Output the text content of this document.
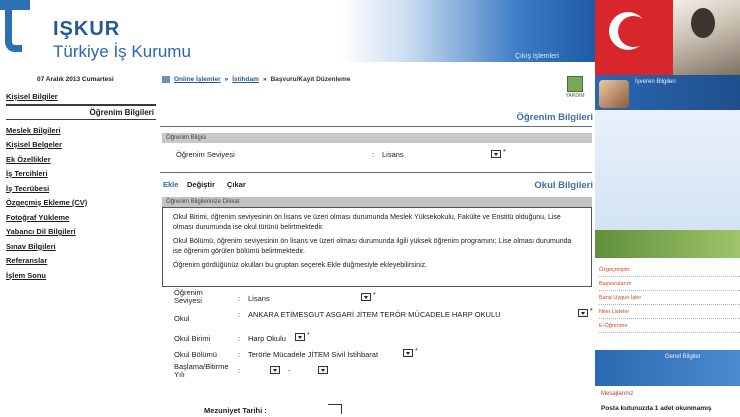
IŞKUR
Türkiye İş Kurumu	Çıkış Işlemleri
07 Aralık 2013 Cumartesi
Kişisel Bilgiler
Öğrenim Bilgileri
Meslek Bilgileri
Kişisel Belgeler
Ek Özellikler
İş Tercihleri
İş Tecrübesi
Özgeçmiş Ekleme (CV)
Fotoğraf Yükleme
Yabancı Dil Bilgileri
Sınav Bilgileri
Referanslar
İşlem Sonu
Online İşlemler » İstihdam » Başvuru/Kayıt Düzenleme
YARDIM
Öğrenim Bilgileri
Öğrenim Bilgisi
Öğrenim Seviyesi	: Lisans	*
Ekle Değiştir Çıkar	Okul Bilgileri
Öğrenim Bilgilerinize Dikkat

Okul Birimi, öğrenim seviyesinin ön lisans ve üzeri olması durumunda Meslek Yüksekokulu, Fakülte ve Enstitü olduğunu, Lise olması durumunda ise okul türünü belirtmektedir.

Okul Bölümü, öğrenim seviyesinin ön lisans ve üzeri olması durumunda ilgili yüksek öğrenim programını; Lise olması durumunda ise öğrenim görülen bölümü belirtmektedir.

Öğrenim gördüğünüz okulları bu gruptan seçerek Ekle düğmesiyle ekleyebilirsiniz.

Öğrenim
Seviyesi	: Lisans	*
Okul	: ANKARA ETİMESGUT ASGARİ JİTEM TERÖR MÜCADELE HARP OKULU	*
Okul Birimi	: Harp Okulu	*
Okul Bölümü	: Terörle Mücadele JİTEM Sivil İstihbarat	*
Başlama/Bitirme
Yılı	:	-
Mezuniyet Tarihi :
İşveren Bilgileri
Özgeçmişim
Başvurularım
Bana Uygun İşler
Nitel Listeler
E-Öğrenme
Genel Bilgiler
Mesajlarınız
Posta kutunuzda 1 adet okunmamış
